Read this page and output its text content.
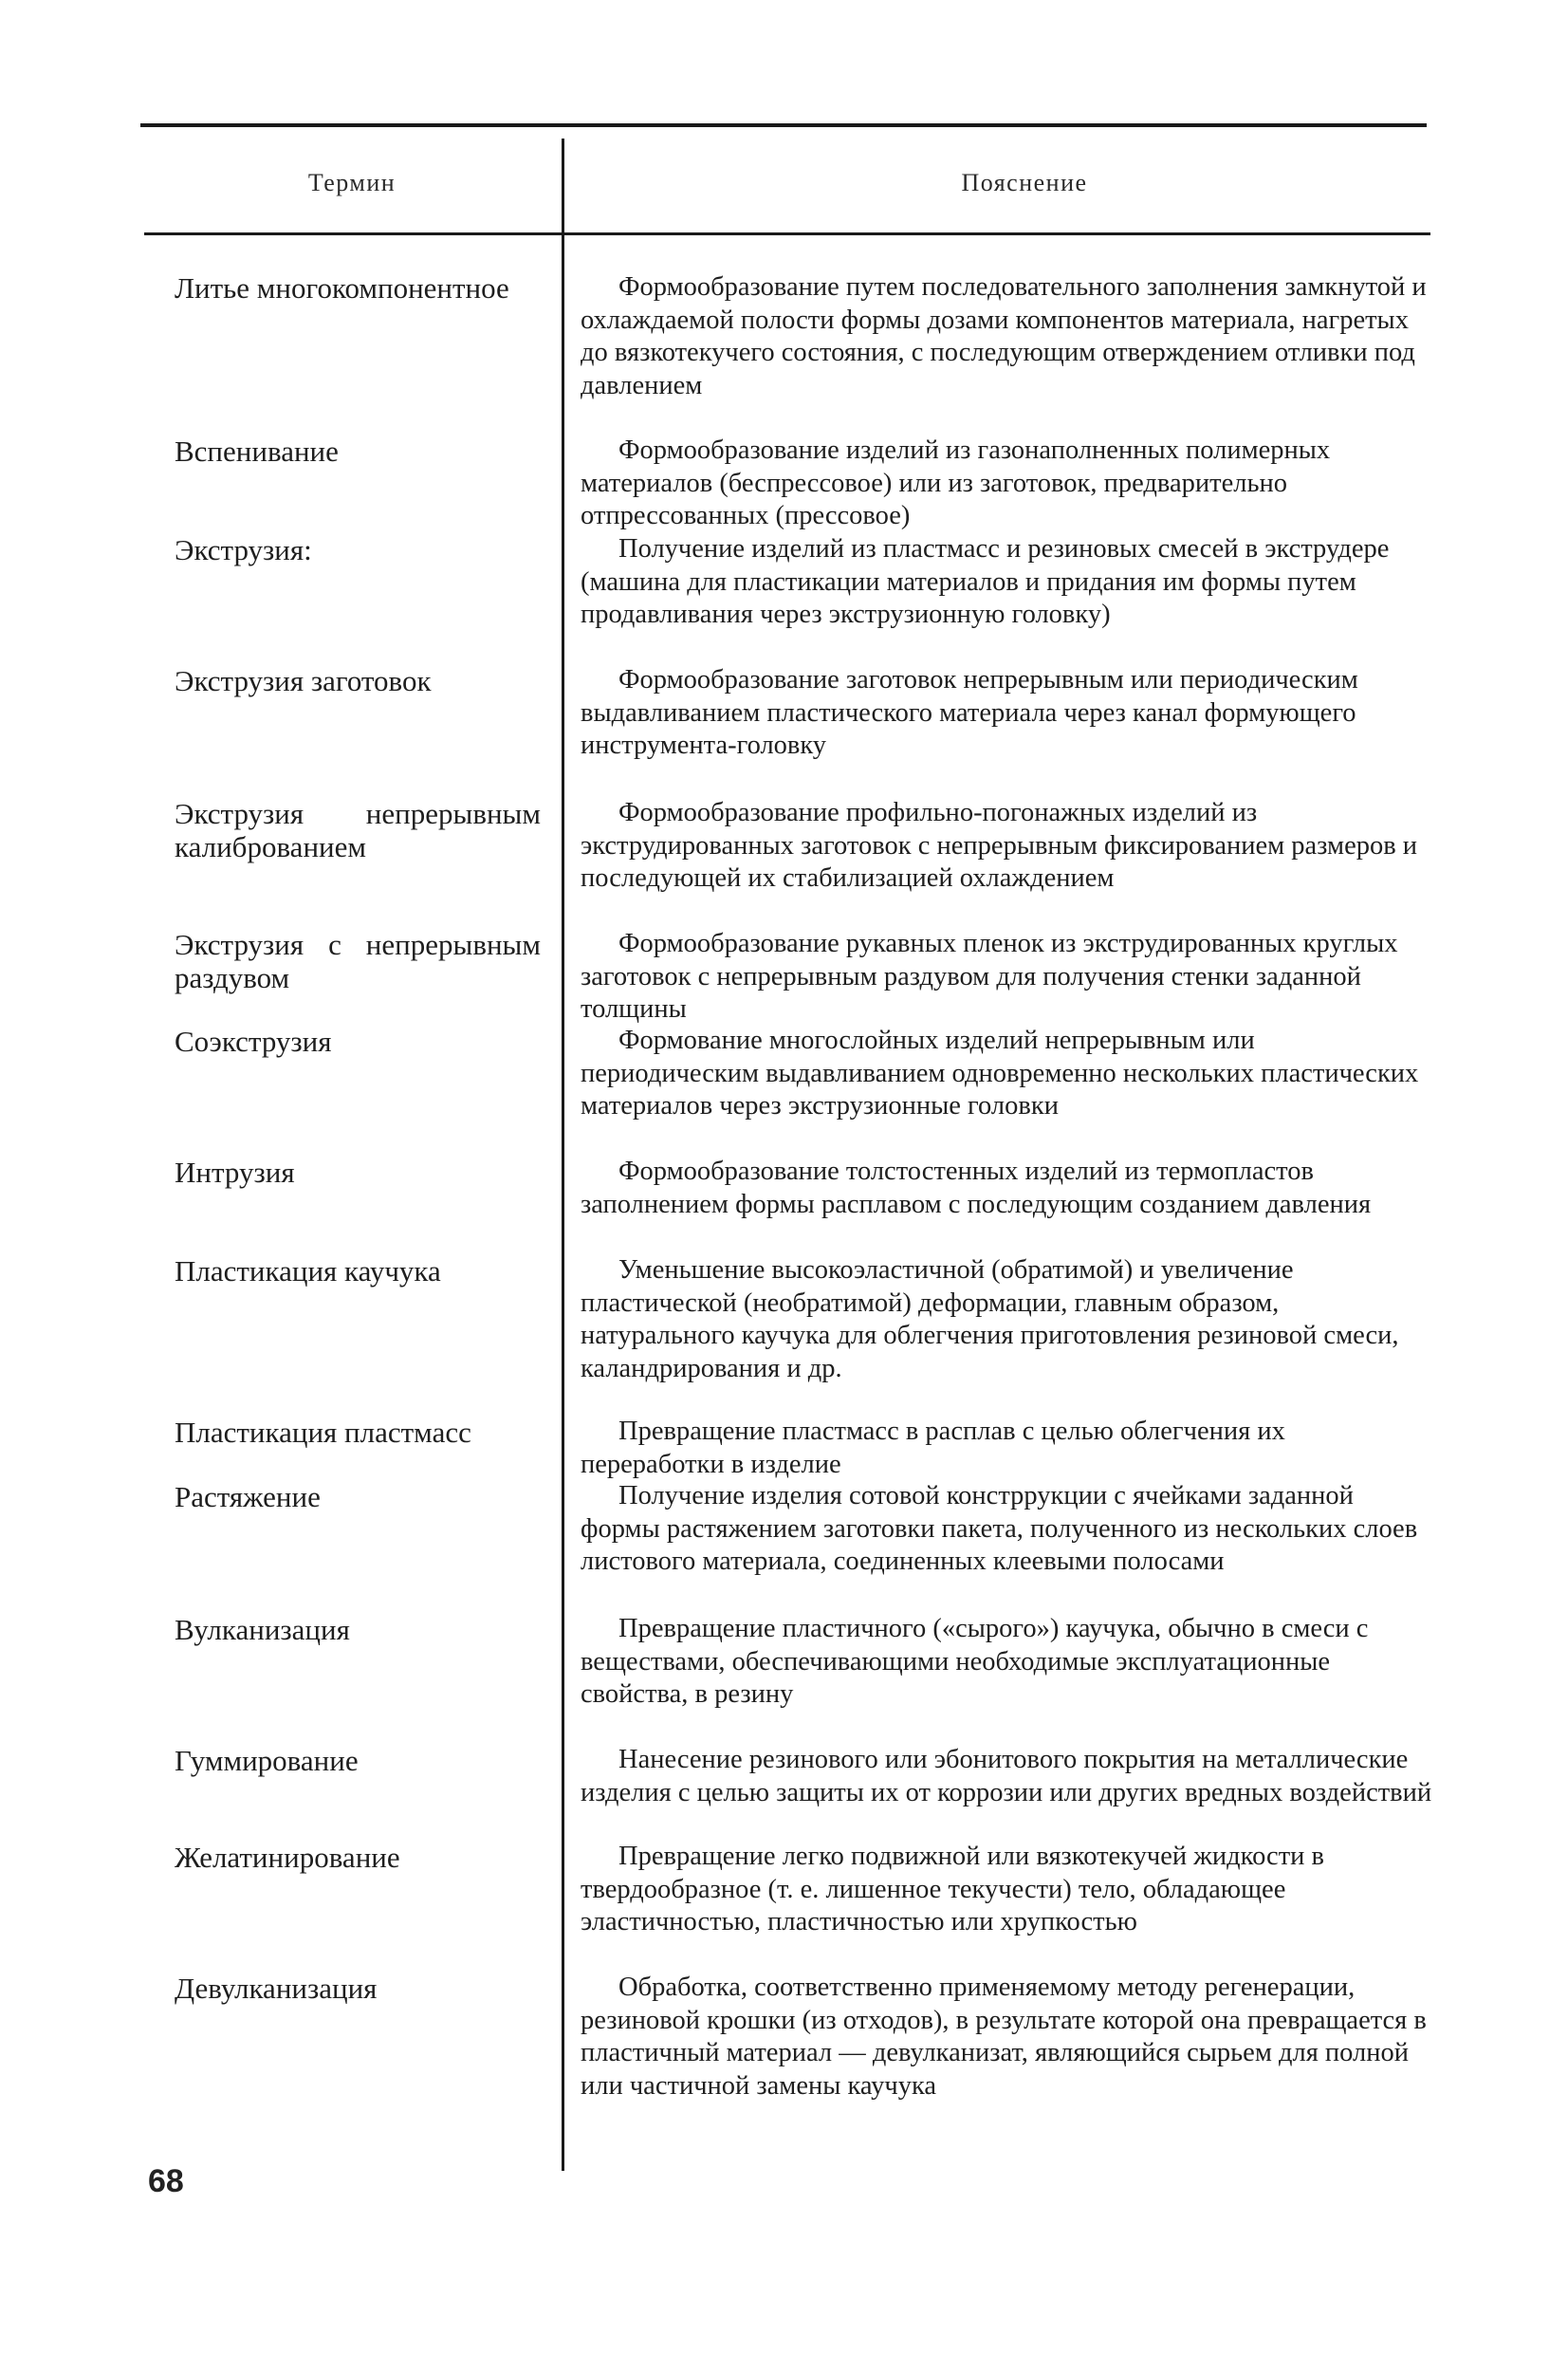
Термин	Пояснение
Литье многокомпонентное
Вспенивание
Экструзия:
Экструзия заготовок
Экструзия непрерывным калиброванием
Экструзия с непрерывным раздувом
Соэкструзия
Интрузия
Пластикация каучука
Пластикация пластмасс
Растяжение
Вулканизация
Гуммирование
Желатинирование
Девулканизация
Формообразование путем последовательного заполнения замкнутой и охлаждаемой полости формы дозами компонентов материала, нагретых до вязкотекучего состояния, с последующим отверждением отливки под давлением
Формообразование изделий из газонаполненных полимерных материалов (беспрессовое) или из заготовок, предварительно отпрессованных (прессовое)
Получение изделий из пластмасс и резиновых смесей в экструдере (машина для пластикации материалов и придания им формы путем продавливания через экструзионную головку)
Формообразование заготовок непрерывным или периодическим выдавливанием пластического материала через канал формующего инструмента-головку
Формообразование профильно-погонажных изделий из экструдированных заготовок с непрерывным фиксированием размеров и последующей их стабилизацией охлаждением
Формообразование рукавных пленок из экструдированных круглых заготовок с непрерывным раздувом для получения стенки заданной толщины
Формование многослойных изделий непрерывным или периодическим выдавливанием одновременно нескольких пластических материалов через экструзионные головки
Формообразование толстостенных изделий из термопластов заполнением формы расплавом с последующим созданием давления
Уменьшение высокоэластичной (обратимой) и увеличение пластической (необратимой) деформации, главным образом, натурального каучука для облегчения приготовления резиновой смеси, каландрирования и др.
Превращение пластмасс в расплав с целью облегчения их переработки в изделие
Получение изделия сотовой констррукции с ячейками заданной формы растяжением заготовки пакета, полученного из нескольких слоев листового материала, соединенных клеевыми полосами
Превращение пластичного («сырого») каучука, обычно в смеси с веществами, обеспечивающими необходимые эксплуатационные свойства, в резину
Нанесение резинового или эбонитового покрытия на металлические изделия с целью защиты их от коррозии или других вредных воздействий
Превращение легко подвижной или вязкотекучей жидкости в твердообразное (т. е. лишенное текучести) тело, обладающее эластичностью, пластичностью или хрупкостью
Обработка, соответственно применяемому методу регенерации, резиновой крошки (из отходов), в результате которой она превращается в пластичный материал — девулканизат, являющийся сырьем для полной или частичной замены каучука
68
